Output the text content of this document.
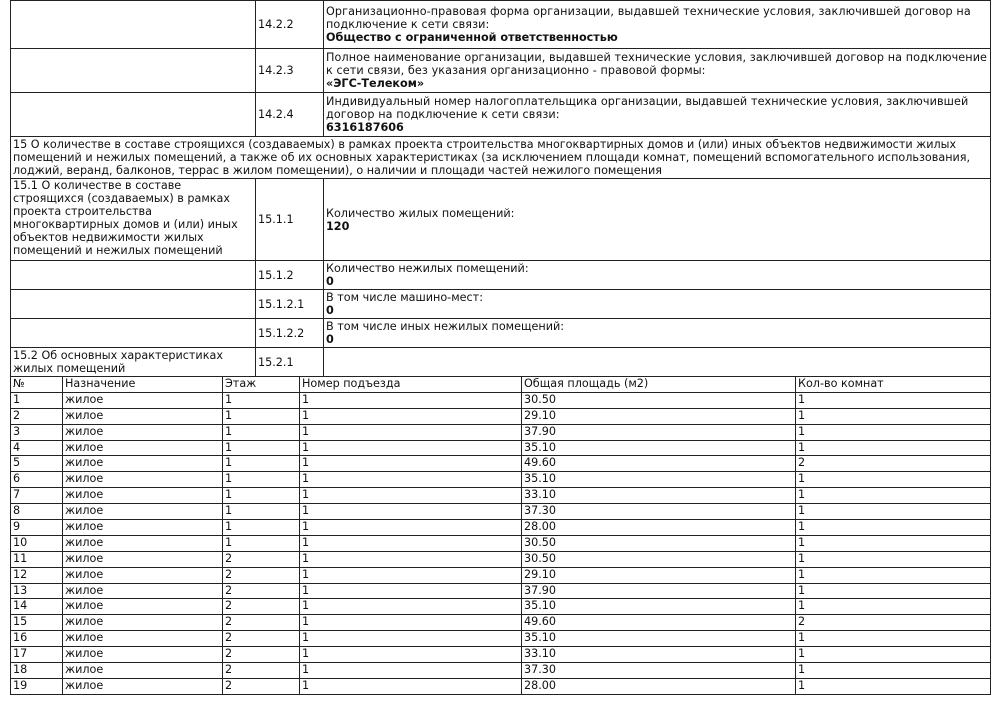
	14.2.2	Организационно-правовая форма организации, выдавшей технические условия, заключившей договор на подключение к сети связи:
Общество с ограниченной ответственностью

	14.2.3	Полное наименование организации, выдавшей технические условия, заключившей договор на подключение к сети связи, без указания организационно - правовой формы:
«ЭГС-Телеком»

	14.2.4	Индивидуальный номер налогоплательщика организации, выдавшей технические условия, заключившей договор на подключение к сети связи:
6316187606

15 О количестве в составе строящихся (создаваемых) в рамках проекта строительства многоквартирных домов и (или) иных объектов недвижимости жилых помещений и нежилых помещений, а также об их основных характеристиках (за исключением площади комнат, помещений вспомогательного использования, лоджий, веранд, балконов, террас в жилом помещении), о наличии и площади частей нежилого помещения		
15.1 О количестве в составе строящихся (создаваемых) в рамках проекта строительства многоквартирных домов и (или) иных объектов недвижимости жилых помещений и нежилых помещений	15.1.1	Количество жилых помещений:
120

	15.1.2	Количество нежилых помещений:
0

	15.1.2.1	В том числе машино-мест:
0

	15.1.2.2	В том числе иных нежилых помещений:
0

15.2 Об основных характеристиках жилых помещений	15.2.1	
№	Назначение	Этаж	Номер подъезда	Общая площадь (м2)	Кол-во комнат
1	жилое	1	1	30.50	1
2	жилое	1	1	29.10	1
3	жилое	1	1	37.90	1
4	жилое	1	1	35.10	1
5	жилое	1	1	49.60	2
6	жилое	1	1	35.10	1
7	жилое	1	1	33.10	1
8	жилое	1	1	37.30	1
9	жилое	1	1	28.00	1
10	жилое	1	1	30.50	1
11	жилое	2	1	30.50	1
12	жилое	2	1	29.10	1
13	жилое	2	1	37.90	1
14	жилое	2	1	35.10	1
15	жилое	2	1	49.60	2
16	жилое	2	1	35.10	1
17	жилое	2	1	33.10	1
18	жилое	2	1	37.30	1
19	жилое	2	1	28.00	1
